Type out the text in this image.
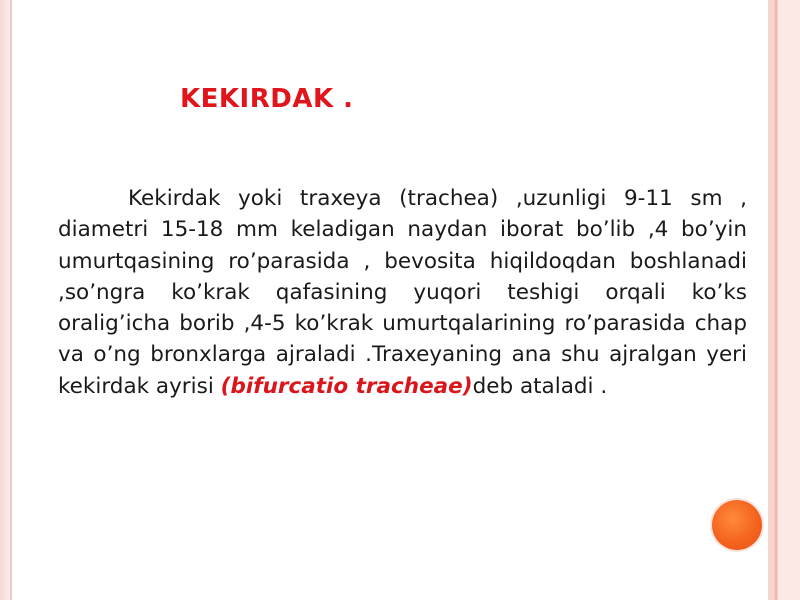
KEKIRDAK .

Kekirdak yoki traxeya (trachea) ,uzunligi 9-11 sm , diametri 15-18 mm keladigan naydan iborat bo’lib ,4 bo’yin umurtqasining ro’parasida , bevosita hiqildoqdan boshlanadi ,so’ngra ko’krak qafasining yuqori teshigi orqali ko’ks oralig’icha borib ,4-5 ko’krak umurtqalarining ro’parasida chap va o’ng bronxlarga ajraladi .Traxeyaning ana shu ajralgan yeri kekirdak ayrisi (bifurcatio tracheae)deb ataladi .
